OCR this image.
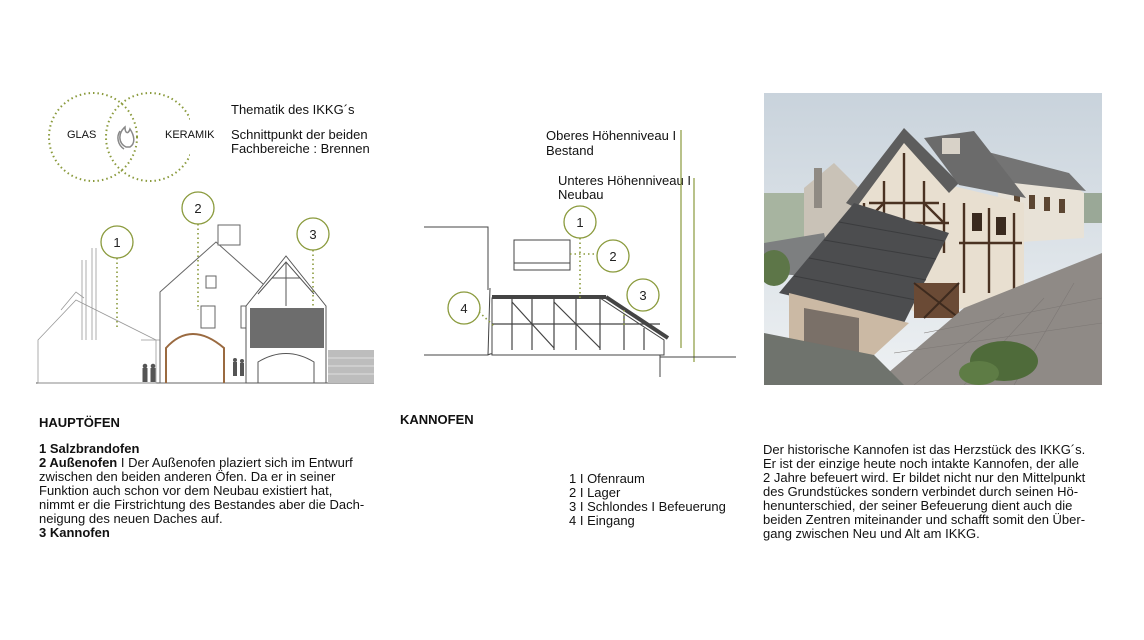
GLAS	KERAMIK
Thematik des IKKG´s
Schnittpunkt der beiden
Fachbereiche : Brennen
1
2
3
Oberes Höhenniveau I
Bestand
Unteres Höhenniveau I
Neubau
1
2
3
4
HAUPTÖFEN

1 Salzbrandofen

2 Außenofen I Der Außenofen plaziert sich im Entwurf

zwischen den beiden anderen Öfen. Da er in seiner

Funktion auch schon vor dem Neubau existiert hat,

nimmt er die Firstrichtung des Bestandes aber die Dach-

neigung des neuen Daches auf.

3 Kannofen

KANNOFEN

1 I Ofenraum

2 I Lager

3 I Schlondes I Befeuerung

4 I Eingang

Der historische Kannofen ist das Herzstück des IKKG´s.

Er ist der einzige heute noch intakte Kannofen, der alle

2 Jahre befeuert wird. Er bildet nicht nur den Mittelpunkt

des Grundstückes sondern verbindet durch seinen Hö-

henunterschied, der seiner Befeuerung dient auch die

beiden Zentren miteinander und schafft somit den Über-

gang zwischen Neu und Alt am IKKG.
